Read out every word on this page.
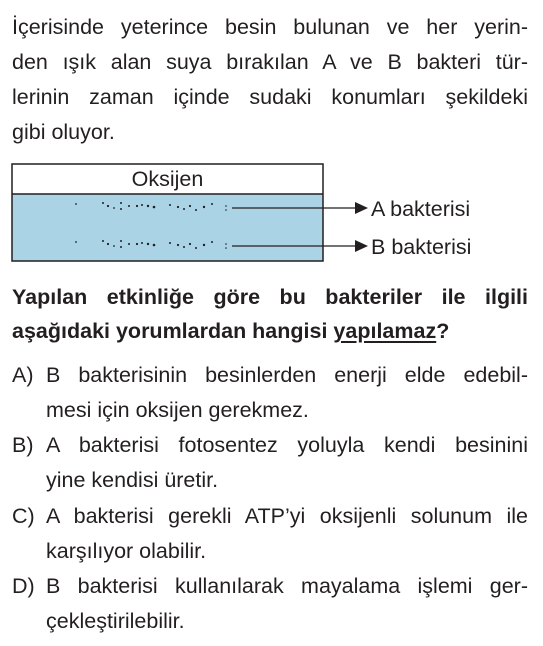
İçerisinde yeterince besin bulunan ve her yerin-
den ışık alan suya bırakılan A ve B bakteri tür-
lerinin zaman içinde sudaki konumları şekildeki
gibi oluyor.
Oksijen
A bakterisi
B bakterisi
Yapılan etkinliğe göre bu bakteriler ile ilgili
aşağıdaki yorumlardan hangisi yapılamaz?
A) B bakterisinin besinlerden enerji elde edebil-
mesi için oksijen gerekmez.
B) A bakterisi fotosentez yoluyla kendi besinini
yine kendisi üretir.
C) A bakterisi gerekli ATP’yi oksijenli solunum ile
karşılıyor olabilir.
D) B bakterisi kullanılarak mayalama işlemi ger-
çekleştirilebilir.
